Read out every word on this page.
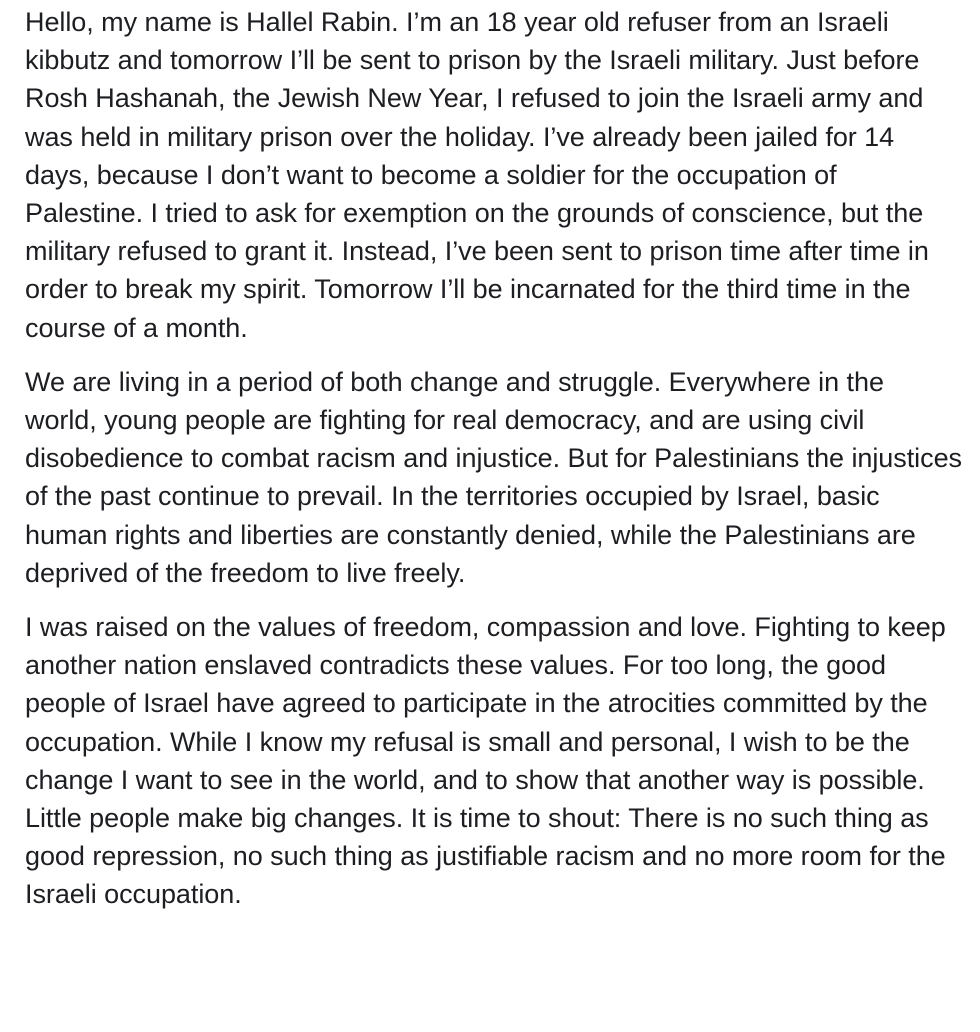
Hello, my name is Hallel Rabin. I’m an 18 year old refuser from an Israeli kibbutz and tomorrow I’ll be sent to prison by the Israeli military. Just before Rosh Hashanah, the Jewish New Year, I refused to join the Israeli army and was held in military prison over the holiday. I’ve already been jailed for 14 days, because I don’t want to become a soldier for the occupation of Palestine. I tried to ask for exemption on the grounds of conscience, but the military refused to grant it. Instead, I’ve been sent to prison time after time in order to break my spirit. Tomorrow I’ll be incarnated for the third time in the course of a month.

We are living in a period of both change and struggle. Everywhere in the world, young people are fighting for real democracy, and are using civil disobedience to combat racism and injustice. But for Palestinians the injustices of the past continue to prevail. In the territories occupied by Israel, basic human rights and liberties are constantly denied, while the Palestinians are deprived of the freedom to live freely.

I was raised on the values of freedom, compassion and love. Fighting to keep another nation enslaved contradicts these values. For too long, the good people of Israel have agreed to participate in the atrocities committed by the occupation. While I know my refusal is small and personal, I wish to be the change I want to see in the world, and to show that another way is possible. Little people make big changes. It is time to shout: There is no such thing as good repression, no such thing as justifiable racism and no more room for the Israeli occupation.
